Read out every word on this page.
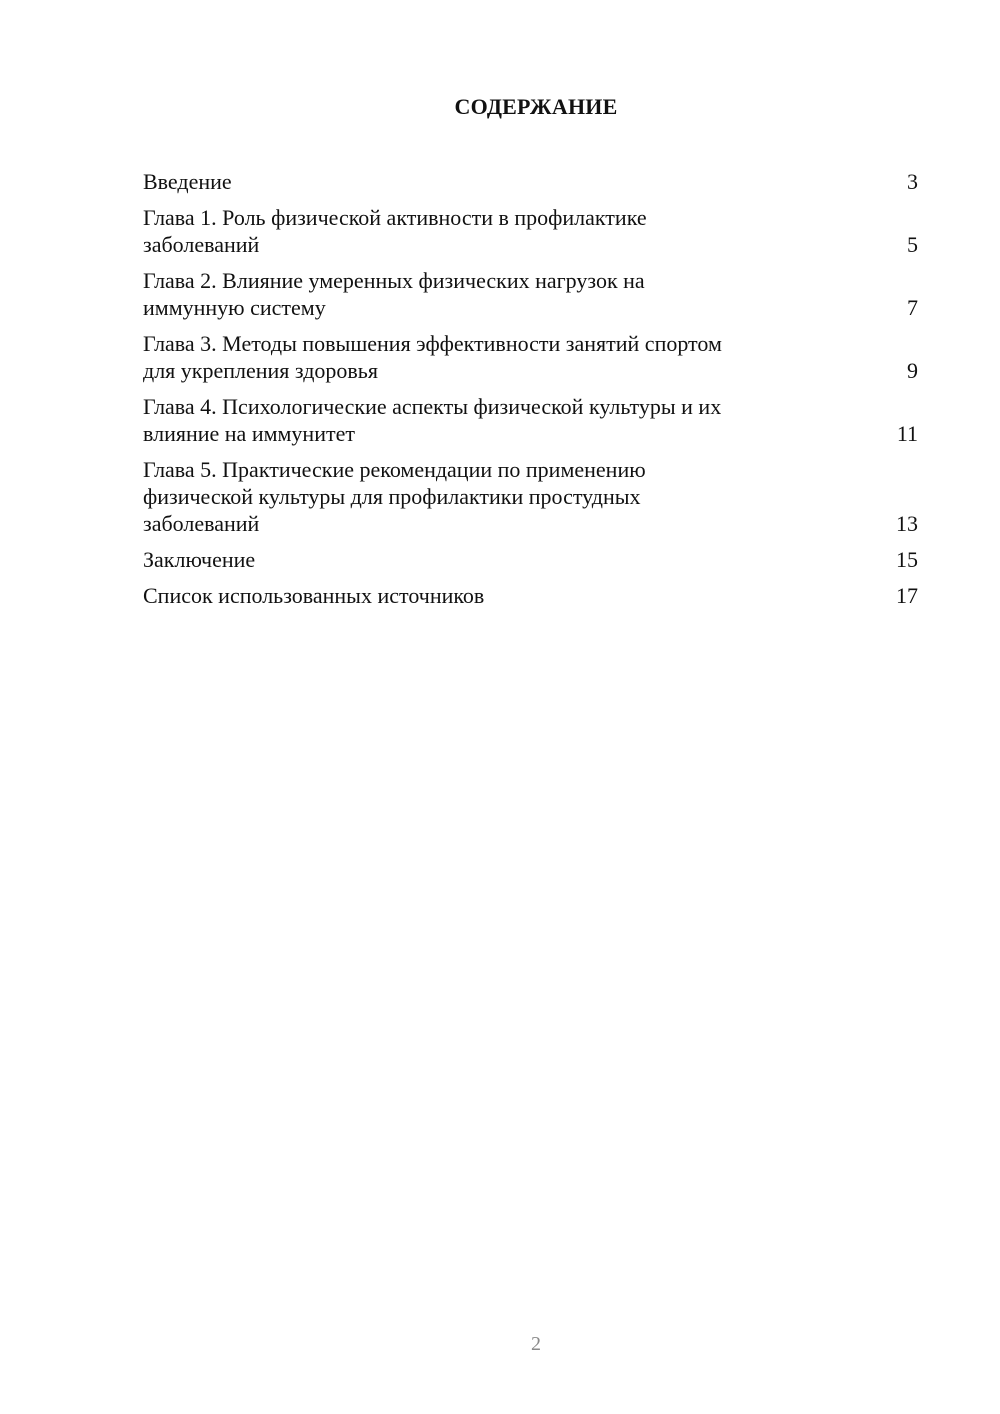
СОДЕРЖАНИЕ
Введение	3
Глава 1. Роль физической активности в профилактике
заболеваний	5
Глава 2. Влияние умеренных физических нагрузок на
иммунную систему	7
Глава 3. Методы повышения эффективности занятий спортом
для укрепления здоровья	9
Глава 4. Психологические аспекты физической культуры и их
влияние на иммунитет	11
Глава 5. Практические рекомендации по применению
физической культуры для профилактики простудных
заболеваний	13
Заключение	15
Список использованных источников	17
2
